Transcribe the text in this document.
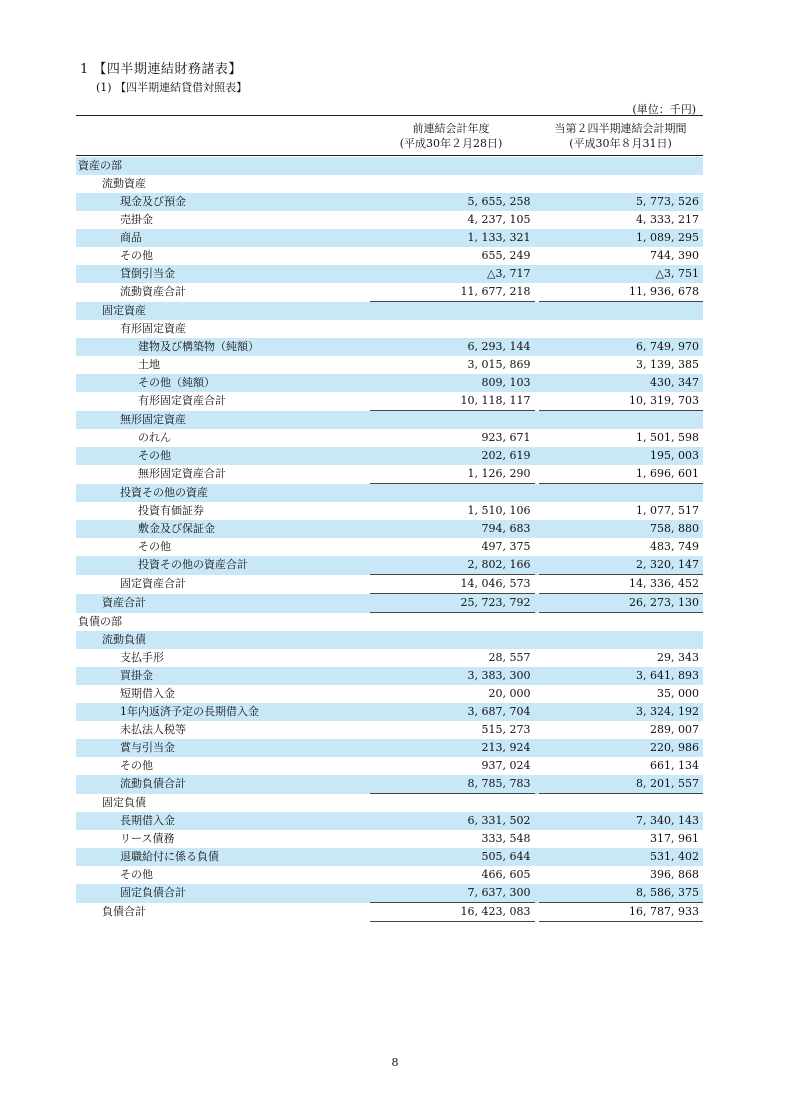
1 【四半期連結財務諸表】
(1) 【四半期連結貸借対照表】
(単位：千円)
前連結会計年度
(平成30年２月28日)
当第２四半期連結会計期間
(平成30年８月31日)
資産の部			
流動資産			
現金及び預金	5, 655, 258		5, 773, 526
売掛金	4, 237, 105		4, 333, 217
商品	1, 133, 321		1, 089, 295
その他	655, 249		744, 390
貸倒引当金	△3, 717		△3, 751
流動資産合計	11, 677, 218		11, 936, 678
固定資産			
有形固定資産			
建物及び構築物（純額）	6, 293, 144		6, 749, 970
土地	3, 015, 869		3, 139, 385
その他（純額）	809, 103		430, 347
有形固定資産合計	10, 118, 117		10, 319, 703
無形固定資産			
のれん	923, 671		1, 501, 598
その他	202, 619		195, 003
無形固定資産合計	1, 126, 290		1, 696, 601
投資その他の資産			
投資有価証券	1, 510, 106		1, 077, 517
敷金及び保証金	794, 683		758, 880
その他	497, 375		483, 749
投資その他の資産合計	2, 802, 166		2, 320, 147
固定資産合計	14, 046, 573		14, 336, 452
資産合計	25, 723, 792		26, 273, 130
負債の部			
流動負債			
支払手形	28, 557		29, 343
買掛金	3, 383, 300		3, 641, 893
短期借入金	20, 000		35, 000
1年内返済予定の長期借入金	3, 687, 704		3, 324, 192
未払法人税等	515, 273		289, 007
賞与引当金	213, 924		220, 986
その他	937, 024		661, 134
流動負債合計	8, 785, 783		8, 201, 557
固定負債			
長期借入金	6, 331, 502		7, 340, 143
リース債務	333, 548		317, 961
退職給付に係る負債	505, 644		531, 402
その他	466, 605		396, 868
固定負債合計	7, 637, 300		8, 586, 375
負債合計	16, 423, 083		16, 787, 933
8
